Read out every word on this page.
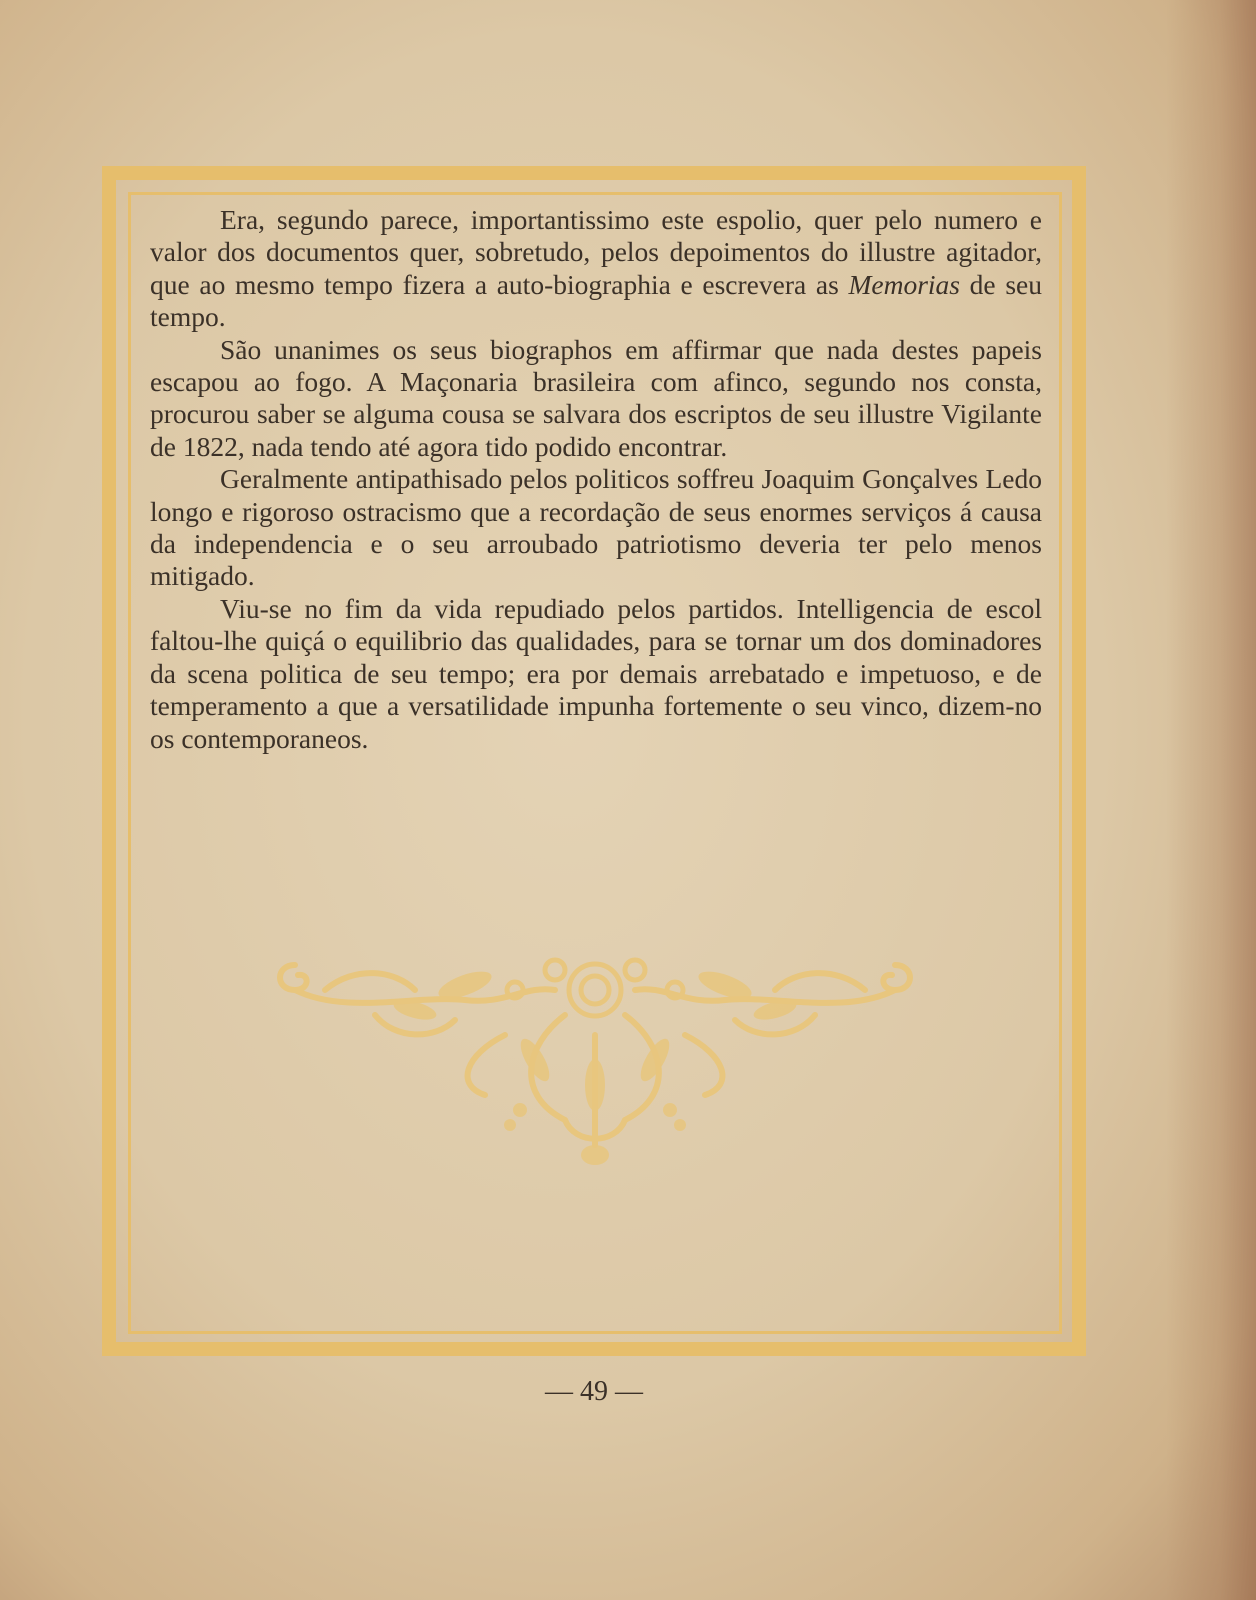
Era, segundo parece, importantissimo este espolio, quer pelo numero e valor dos documentos quer, sobretudo, pelos depoimentos do illustre agitador, que ao mesmo tempo fizera a auto-biographia e escrevera as Memorias de seu tempo.

São unanimes os seus biographos em affirmar que nada destes papeis escapou ao fogo. A Maçonaria brasileira com afinco, segundo nos consta, procurou saber se alguma cousa se salvara dos escriptos de seu illustre Vigilante de 1822, nada tendo até agora tido podido encontrar.

Geralmente antipathisado pelos politicos soffreu Joaquim Gonçalves Ledo longo e rigoroso ostracismo que a recordação de seus enormes serviços á causa da independencia e o seu arroubado patriotismo deveria ter pelo menos mitigado.

Viu-se no fim da vida repudiado pelos partidos. Intelligencia de escol faltou-lhe quiçá o equilibrio das qualidades, para se tornar um dos dominadores da scena politica de seu tempo; era por demais arrebatado e impetuoso, e de temperamento a que a versatilidade impunha fortemente o seu vinco, dizem-no os contemporaneos.

— 49 —
